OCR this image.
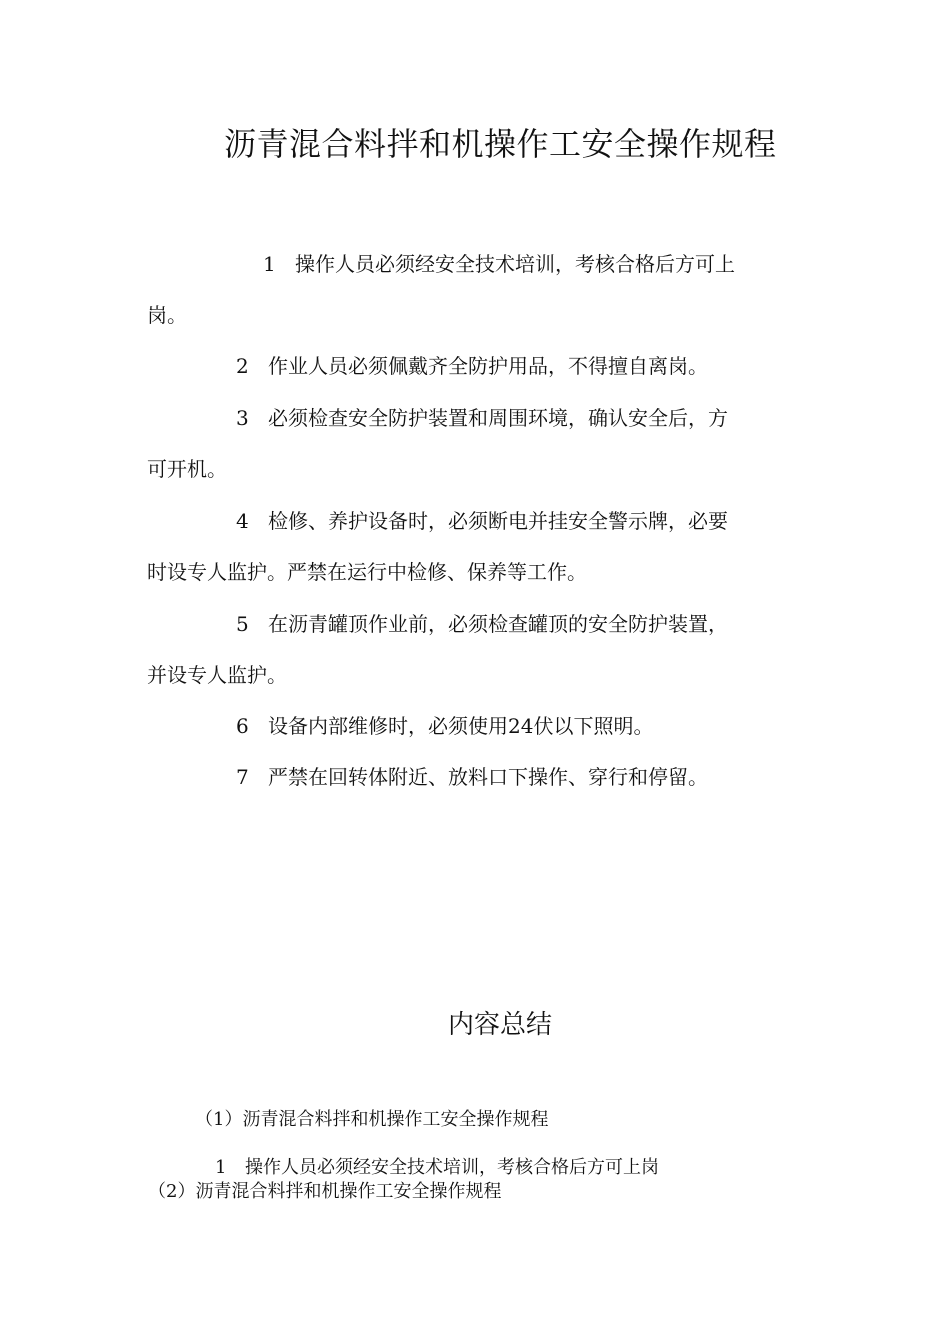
沥青混合料拌和机操作工安全操作规程
1 操作人员必须经安全技术培训，考核合格后方可上
岗。
2 作业人员必须佩戴齐全防护用品，不得擅自离岗。
3 必须检查安全防护装置和周围环境，确认安全后，方
可开机。
4 检修、养护设备时，必须断电并挂安全警示牌，必要
时设专人监护。严禁在运行中检修、保养等工作。
5 在沥青罐顶作业前，必须检查罐顶的安全防护装置，
并设专人监护。
6 设备内部维修时，必须使用24伏以下照明。
7 严禁在回转体附近、放料口下操作、穿行和停留。
内容总结
（1）沥青混合料拌和机操作工安全操作规程
1 操作人员必须经安全技术培训，考核合格后方可上岗
（2）沥青混合料拌和机操作工安全操作规程
